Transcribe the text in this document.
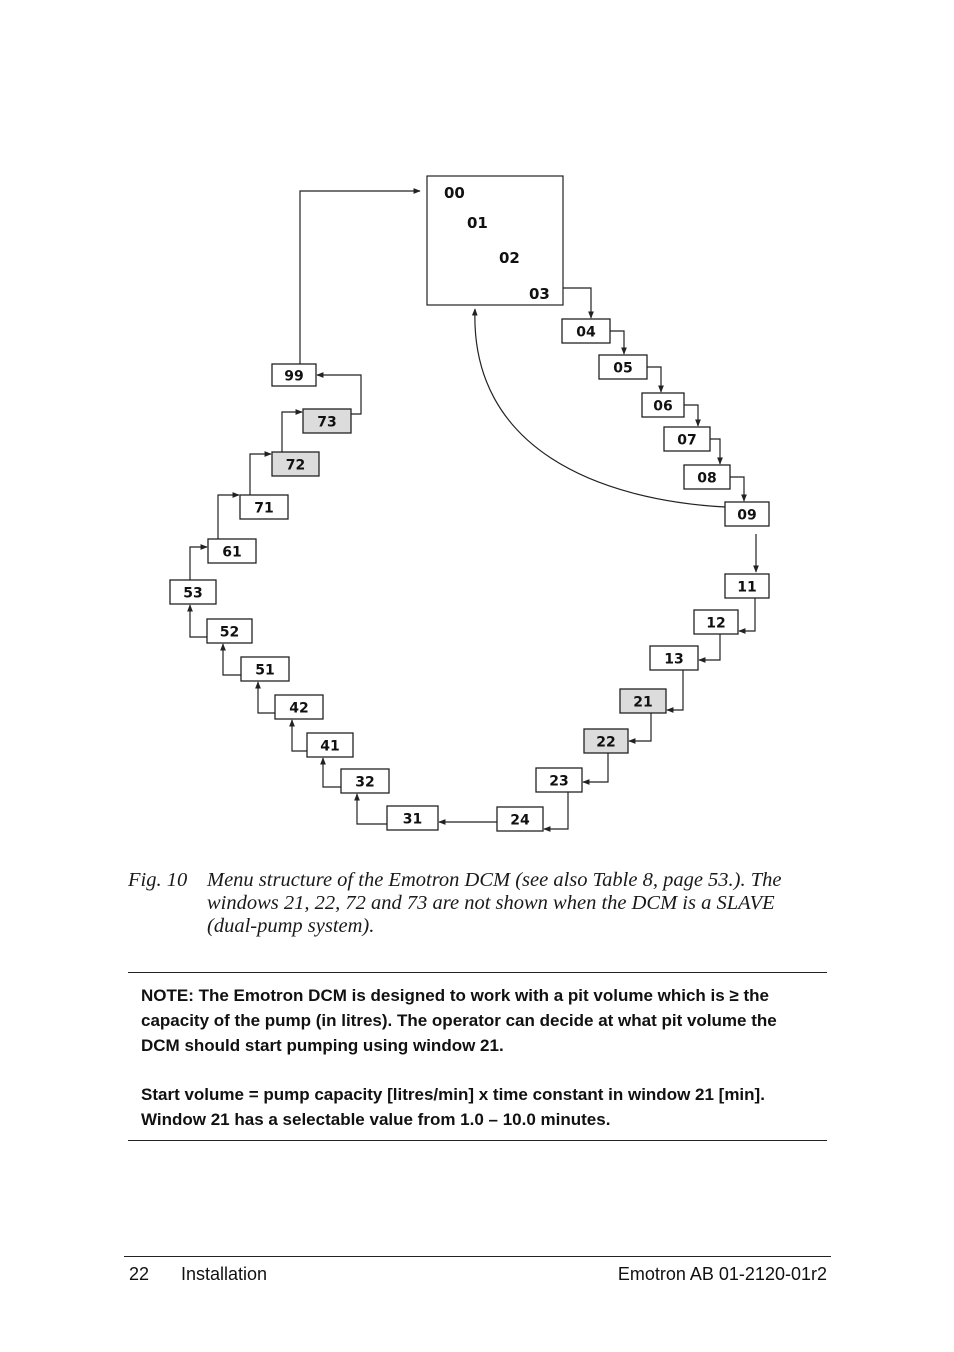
00
01
02
03
04
05
06
07
08
09
11
12
13
21
22
23
24
31
32
41
42
51
52
53
61
71
72
73
99
Fig. 10 Menu structure of the Emotron DCM (see also Table 8, page 53.). The windows 21, 22, 72 and 73 are not shown when the DCM is a SLAVE (dual-pump system).

NOTE: The Emotron DCM is designed to work with a pit volume which is ≥ the capacity of the pump (in litres). The operator can decide at what pit volume the DCM should start pumping using window 21.

Start volume = pump capacity [litres/min] x time constant in window 21 [min]. Window 21 has a selectable value from 1.0 – 10.0 minutes.

22 Installation	Emotron AB 01-2120-01r2
